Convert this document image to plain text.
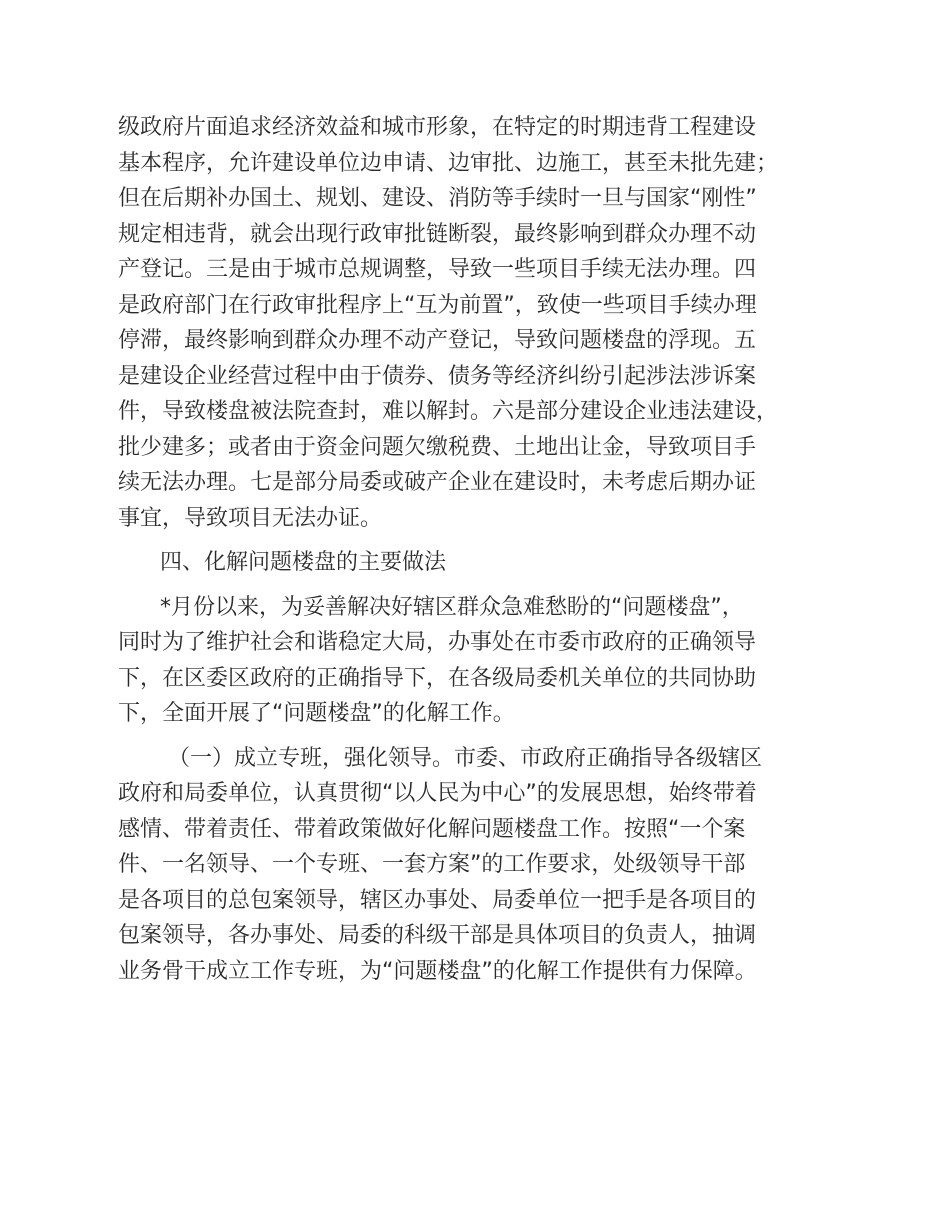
级政府片面追求经济效益和城市形象，在特定的时期违背工程建设
基本程序，允许建设单位边申请、边审批、边施工，甚至未批先建；
但在后期补办国土、规划、建设、消防等手续时一旦与国家“刚性”
规定相违背，就会出现行政审批链断裂，最终影响到群众办理不动
产登记。三是由于城市总规调整，导致一些项目手续无法办理。四
是政府部门在行政审批程序上“互为前置”，致使一些项目手续办理
停滞，最终影响到群众办理不动产登记，导致问题楼盘的浮现。五
是建设企业经营过程中由于债券、债务等经济纠纷引起涉法涉诉案
件，导致楼盘被法院查封，难以解封。六是部分建设企业违法建设，
批少建多；或者由于资金问题欠缴税费、土地出让金，导致项目手
续无法办理。七是部分局委或破产企业在建设时，未考虑后期办证
事宜，导致项目无法办证。
四、化解问题楼盘的主要做法
*月份以来，为妥善解决好辖区群众急难愁盼的“问题楼盘”，
同时为了维护社会和谐稳定大局，办事处在市委市政府的正确领导
下，在区委区政府的正确指导下，在各级局委机关单位的共同协助
下，全面开展了“问题楼盘”的化解工作。
（一）成立专班，强化领导。市委、市政府正确指导各级辖区
政府和局委单位，认真贯彻“以人民为中心”的发展思想，始终带着
感情、带着责任、带着政策做好化解问题楼盘工作。按照“一个案
件、一名领导、一个专班、一套方案”的工作要求，处级领导干部
是各项目的总包案领导，辖区办事处、局委单位一把手是各项目的
包案领导，各办事处、局委的科级干部是具体项目的负责人，抽调
业务骨干成立工作专班，为“问题楼盘”的化解工作提供有力保障。
